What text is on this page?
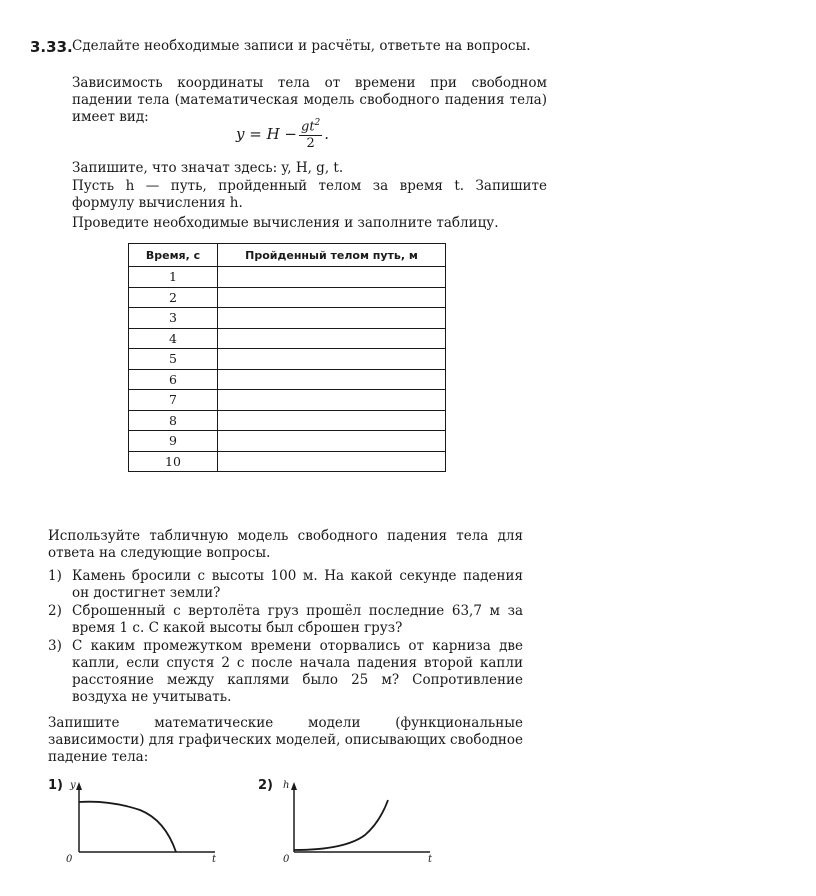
3.33. Сделайте необходимые записи и расчёты, ответьте на вопросы.
Зависимость координаты тела от времени при свободном падении тела (математическая модель свободного падения тела) имеет вид:
$y = H - \frac{gt^2}{2}$ .
Запишите, что значат здесь: y, H, g, t.
Пусть h — путь, пройденный телом за время t. Запишите формулу вычисления h.
Проведите необходимые вычисления и заполните таблицу.
Время, с	Пройденный телом путь, м
1	
2	
3	
4	
5	
6	
7	
8	
9	
10	
Используйте табличную модель свободного падения тела для ответа на следующие вопросы.
1) Камень бросили с высоты 100 м. На какой секунде падения он достигнет земли?
2) Сброшенный с вертолёта груз прошёл последние 63,7 м за время 1 с. С какой высоты был сброшен груз?
3) С каким промежутком времени оторвались от карниза две капли, если спустя 2 с после начала падения второй капли расстояние между каплями было 25 м? Сопротивление воздуха не учитывать.
Запишите математические модели (функциональные зависимости) для графических моделей, описывающих свободное падение тела:
1) y
0	t
2) h
0	t
